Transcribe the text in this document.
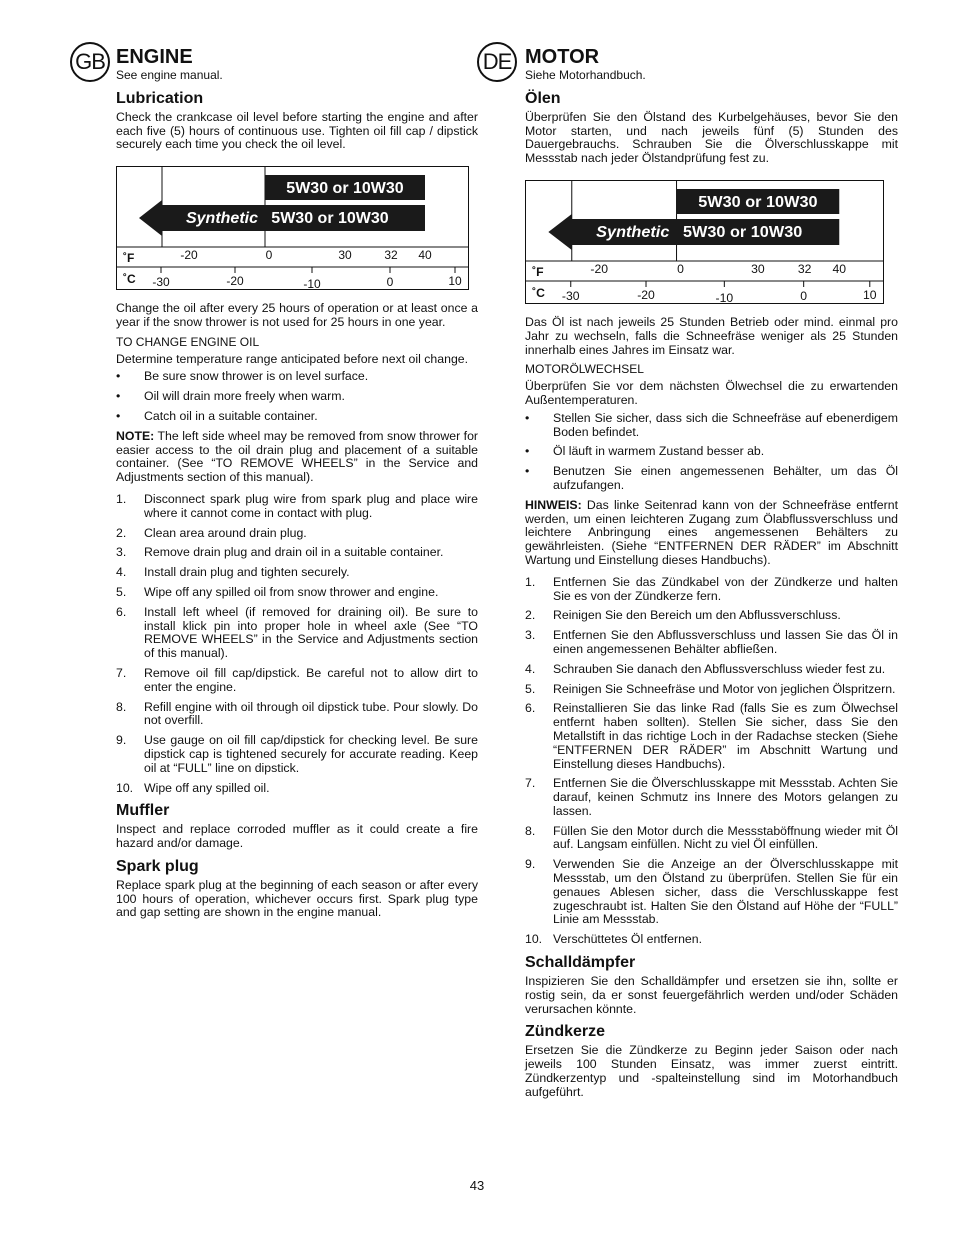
GB	DE
ENGINE

See engine manual.

Lubrication

Check the crankcase oil level before starting the engine and after each five (5) hours of continuous use. Tighten oil fill cap / dipstick securely each time you check the oil level.

5W30 or 10W30
Synthetic 5W30 or 10W30
˚F
˚C
-20	0	30	32 40
-30	-20	-10	0	10

Change the oil after every 25 hours of operation or at least once a year if the snow thrower is not used for 25 hours in one year.

TO CHANGE ENGINE OIL

Determine temperature range anticipated before next oil change.

• Be sure snow thrower is on level surface.
• Oil will drain more freely when warm.
• Catch oil in a suitable container.

NOTE: The left side wheel may be removed from snow thrower for easier access to the oil drain plug and placement of a suitable container. (See “TO REMOVE WHEELS” in the Service and Adjustments section of this manual).

1. Disconnect spark plug wire from spark plug and place wire where it cannot come in contact with plug.
2. Clean area around drain plug.
3. Remove drain plug and drain oil in a suitable container.
4. Install drain plug and tighten securely.
5. Wipe off any spilled oil from snow thrower and engine.
6. Install left wheel (if removed for draining oil). Be sure to install klick pin into proper hole in wheel axle (See “TO REMOVE WHEELS” in the Service and Adjustments section of this manual).
7. Remove oil fill cap/dipstick. Be careful not to allow dirt to enter the engine.
8. Refill engine with oil through oil dipstick tube. Pour slowly. Do not overfill.
9. Use gauge on oil fill cap/dipstick for checking level. Be sure dipstick cap is tightened securely for accurate reading. Keep oil at “FULL” line on dipstick.
10. Wipe off any spilled oil.
Muffler

Inspect and replace corroded muffler as it could create a fire hazard and/or damage.

Spark plug

Replace spark plug at the beginning of each season or after every 100 hours of operation, whichever occurs first. Spark plug type and gap setting are shown in the engine manual.

MOTOR

Siehe Motorhandbuch.

Ölen

Überprüfen Sie den Ölstand des Kurbelgehäuses, bevor Sie den Motor starten, und nach jeweils fünf (5) Stunden des Dauergebrauchs. Schrauben Sie die Ölverschlusskappe mit Messstab nach jeder Ölstandprüfung fest zu.

5W30 or 10W30
Synthetic 5W30 or 10W30
˚F
˚C
-20	0	30	32 40
-30	-20	-10	0	10

Das Öl ist nach jeweils 25 Stunden Betrieb oder mind. einmal pro Jahr zu wechseln, falls die Schneefräse weniger als 25 Stunden innerhalb eines Jahres im Einsatz war.

MOTORÖLWECHSEL

Überprüfen Sie vor dem nächsten Ölwechsel die zu erwartenden Außentemperaturen.

• Stellen Sie sicher, dass sich die Schneefräse auf ebenerdigem Boden befindet.
• Öl läuft in warmem Zustand besser ab.
• Benutzen Sie einen angemessenen Behälter, um das Öl aufzufangen.

HINWEIS: Das linke Seitenrad kann von der Schneefräse entfernt werden, um einen leichteren Zugang zum Ölabflussverschluss und leichtere Anbringung eines angemessenen Behälters zu gewährleisten. (Siehe “ENTFERNEN DER RÄDER” im Abschnitt Wartung und Einstellung dieses Handbuchs).

1. Entfernen Sie das Zündkabel von der Zündkerze und halten Sie es von der Zündkerze fern.
2. Reinigen Sie den Bereich um den Abflussverschluss.
3. Entfernen Sie den Abflussverschluss und lassen Sie das Öl in einen angemessenen Behälter abfließen.
4. Schrauben Sie danach den Abflussverschluss wieder fest zu.
5. Reinigen Sie Schneefräse und Motor von jeglichen Ölspritzern.
6. Reinstallieren Sie das linke Rad (falls Sie es zum Ölwechsel entfernt haben sollten). Stellen Sie sicher, dass Sie den Metallstift in das richtige Loch in der Radachse stecken (Siehe “ENTFERNEN DER RÄDER” im Abschnitt Wartung und Einstellung dieses Handbuchs).
7. Entfernen Sie die Ölverschlusskappe mit Messstab. Achten Sie darauf, keinen Schmutz ins Innere des Motors gelangen zu lassen.
8. Füllen Sie den Motor durch die Messstaböffnung wieder mit Öl auf. Langsam einfüllen. Nicht zu viel Öl einfüllen.
9. Verwenden Sie die Anzeige an der Ölverschlusskappe mit Messstab, um den Ölstand zu überprüfen. Stellen Sie für ein genaues Ablesen sicher, dass die Verschlusskappe fest zugeschraubt ist. Halten Sie den Ölstand auf Höhe der “FULL” Linie am Messstab.
10. Verschüttetes Öl entfernen.
Schalldämpfer

Inspizieren Sie den Schalldämpfer und ersetzen sie ihn, sollte er rostig sein, da er sonst feuergefährlich werden und/oder Schäden verursachen könnte.

Zündkerze

Ersetzen Sie die Zündkerze zu Beginn jeder Saison oder nach jeweils 100 Stunden Einsatz, was immer zuerst eintritt. Zündkerzentyp und -spalteinstellung sind im Motorhandbuch aufgeführt.

43
